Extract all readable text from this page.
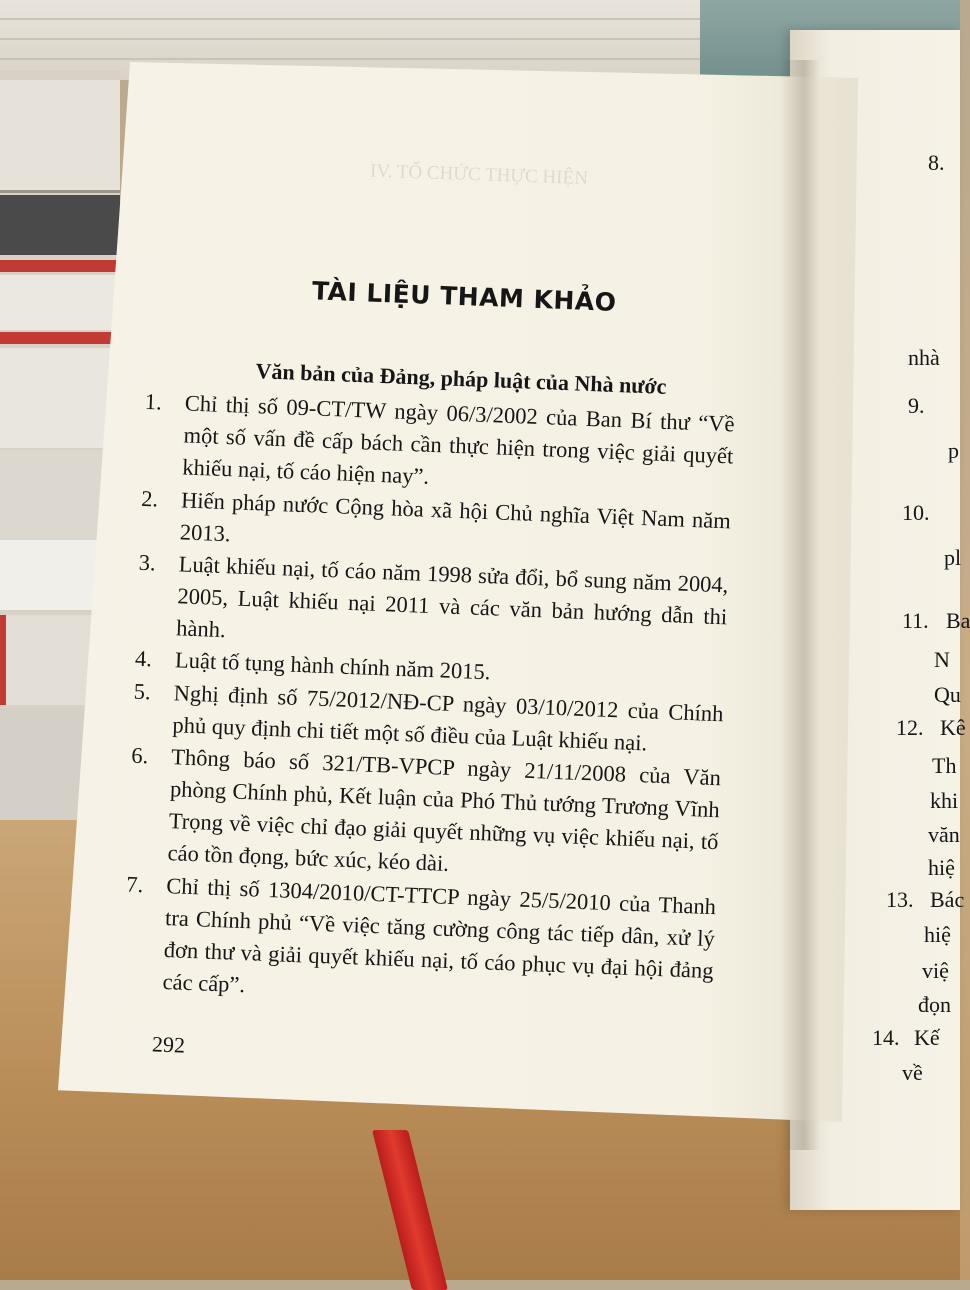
IV. TỔ CHỨC THỰC HIỆN
TÀI LIỆU THAM KHẢO
Văn bản của Đảng, pháp luật của Nhà nước
1. Chỉ thị số 09-CT/TW ngày 06/3/2002 của Ban Bí thư “Về một số vấn đề cấp bách cần thực hiện trong việc giải quyết khiếu nại, tố cáo hiện nay”.
2. Hiến pháp nước Cộng hòa xã hội Chủ nghĩa Việt Nam năm 2013.
3. Luật khiếu nại, tố cáo năm 1998 sửa đổi, bổ sung năm 2004, 2005, Luật khiếu nại 2011 và các văn bản hướng dẫn thi hành.
4. Luật tố tụng hành chính năm 2015.
5. Nghị định số 75/2012/NĐ-CP ngày 03/10/2012 của Chính phủ quy định chi tiết một số điều của Luật khiếu nại.
6. Thông báo số 321/TB-VPCP ngày 21/11/2008 của Văn phòng Chính phủ, Kết luận của Phó Thủ tướng Trương Vĩnh Trọng về việc chỉ đạo giải quyết những vụ việc khiếu nại, tố cáo tồn đọng, bức xúc, kéo dài.
7. Chỉ thị số 1304/2010/CT-TTCP ngày 25/5/2010 của Thanh tra Chính phủ “Về việc tăng cường công tác tiếp dân, xử lý đơn thư và giải quyết khiếu nại, tố cáo phục vụ đại hội đảng các cấp”.
292
8.
nhà
9.
p
10.
pl
11. Ba
N
Qu
12. Kê
Th
khi
văn
hiệ
13. Bác
hiệ
việ
đọn
14. Kế
về
